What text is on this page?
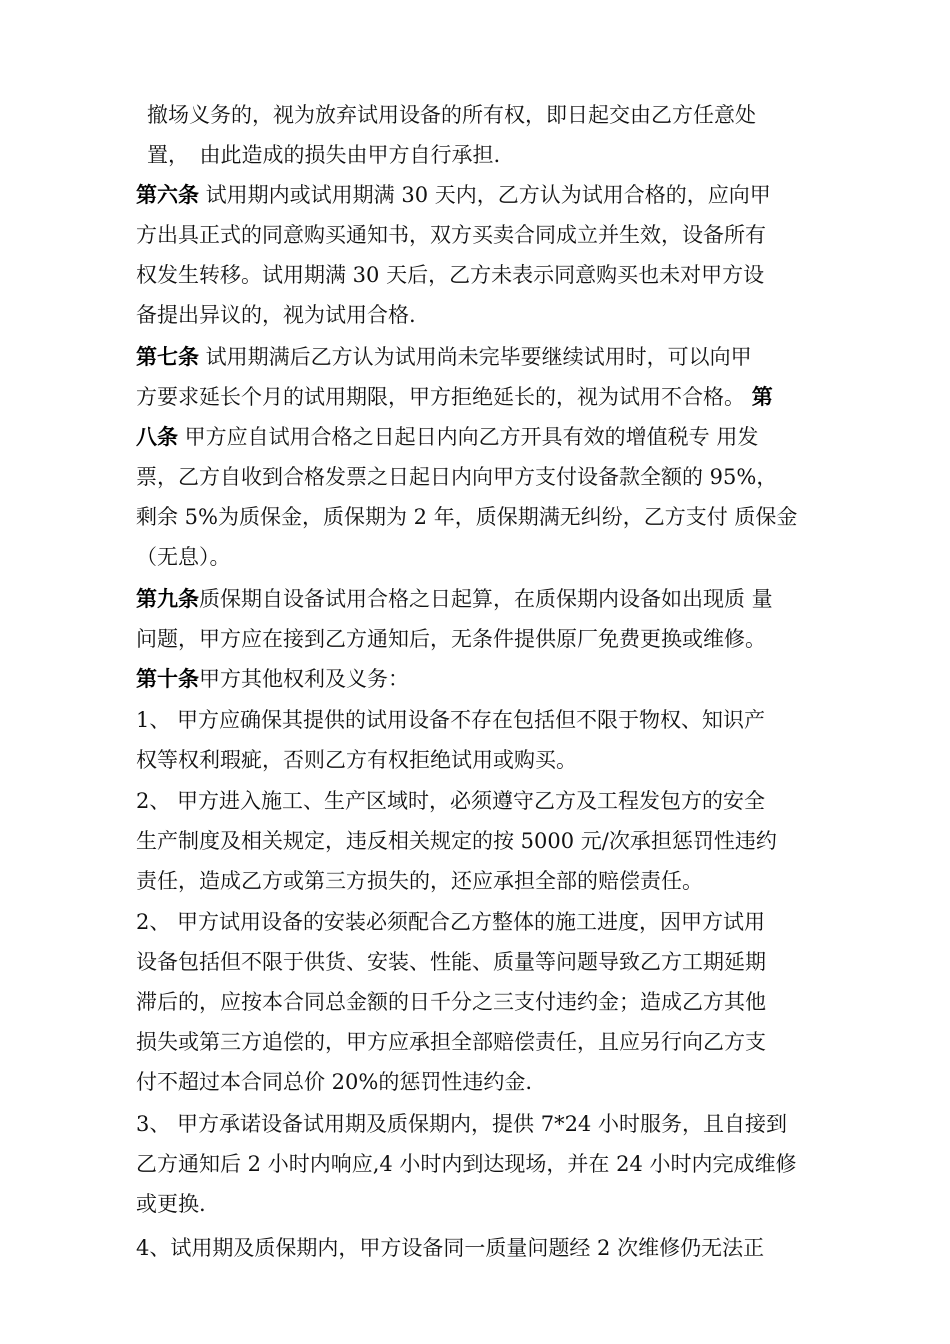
撤场义务的，视为放弃试用设备的所有权，即日起交由乙方任意处
置，　由此造成的损失由甲方自行承担.
第六条 试用期内或试用期满 30 天内，乙方认为试用合格的，应向甲
方出具正式的同意购买通知书，双方买卖合同成立并生效，设备所有
权发生转移。试用期满 30 天后，乙方未表示同意购买也未对甲方设
备提出异议的，视为试用合格.
第七条 试用期满后乙方认为试用尚未完毕要继续试用时，可以向甲
方要求延长个月的试用期限，甲方拒绝延长的，视为试用不合格。 第
八条 甲方应自试用合格之日起日内向乙方开具有效的增值税专 用发
票，乙方自收到合格发票之日起日内向甲方支付设备款全额的 95%，
剩余 5%为质保金，质保期为 2 年，质保期满无纠纷，乙方支付 质保金
（无息）。
第九条质保期自设备试用合格之日起算，在质保期内设备如出现质 量
问题，甲方应在接到乙方通知后，无条件提供原厂免费更换或维修。
第十条甲方其他权利及义务：
1、 甲方应确保其提供的试用设备不存在包括但不限于物权、知识产
权等权利瑕疵，否则乙方有权拒绝试用或购买。
2、 甲方进入施工、生产区域时，必须遵守乙方及工程发包方的安全
生产制度及相关规定，违反相关规定的按 5000 元/次承担惩罚性违约
责任，造成乙方或第三方损失的，还应承担全部的赔偿责任。
2、 甲方试用设备的安装必须配合乙方整体的施工进度，因甲方试用
设备包括但不限于供货、安装、性能、质量等问题导致乙方工期延期
滞后的，应按本合同总金额的日千分之三支付违约金；造成乙方其他
损失或第三方追偿的，甲方应承担全部赔偿责任，且应另行向乙方支
付不超过本合同总价 20%的惩罚性违约金.
3、 甲方承诺设备试用期及质保期内，提供 7*24 小时服务，且自接到
乙方通知后 2 小时内响应,4 小时内到达现场，并在 24 小时内完成维修
或更换.
4、试用期及质保期内，甲方设备同一质量问题经 2 次维修仍无法正
